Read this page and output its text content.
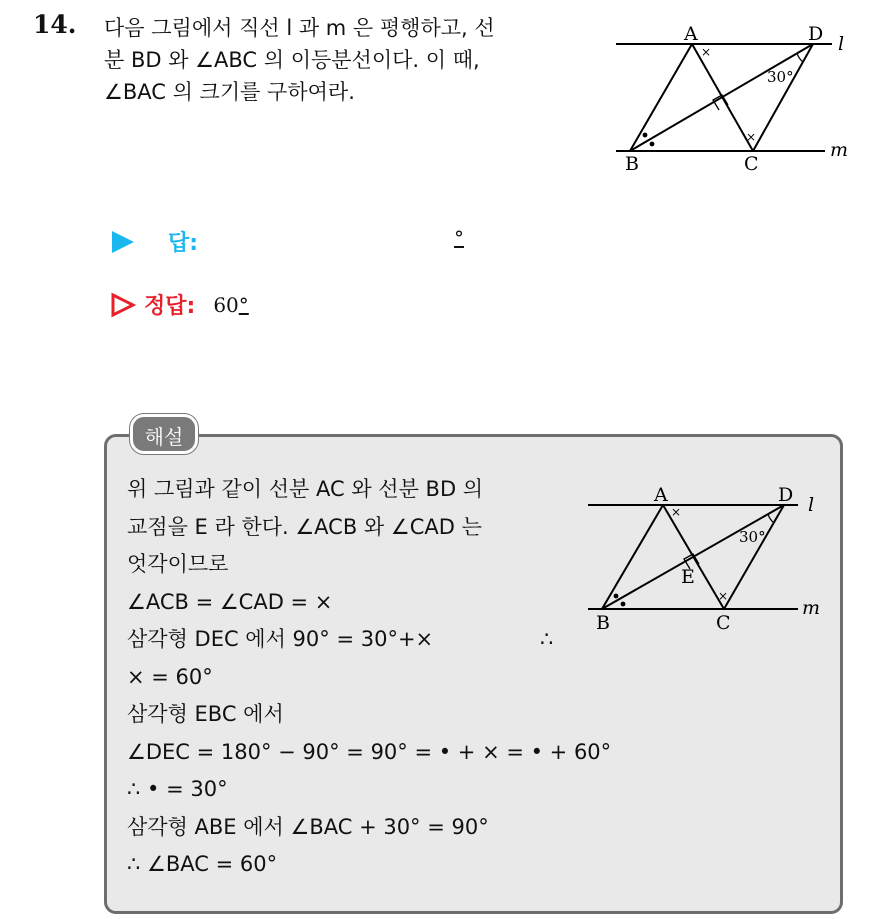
14. 다음 그림에서 직선 l 과 m 은 평행하고, 선
분 BD 와 ∠ABC 의 이등분선이다. 이 때,
∠BAC 의 크기를 구하여라.
A	D l
B	C
m
30°
×
×
답:	°
정답: 60°
해설
위 그림과 같이 선분 AC 와 선분 BD 의
교점을 E 라 한다. ∠ACB 와 ∠CAD 는
엇각이므로
∠ACB = ∠CAD = ×
삼각형 DEC 에서 90° = 30°+×	∴
× = 60°
삼각형 EBC 에서
∠DEC = 180° − 90° = 90° = • + × = • + 60°
∴ • = 30°
삼각형 ABE 에서 ∠BAC + 30° = 90°
∴ ∠BAC = 60°
A	D l
B	C
E
m
30°
×
×
